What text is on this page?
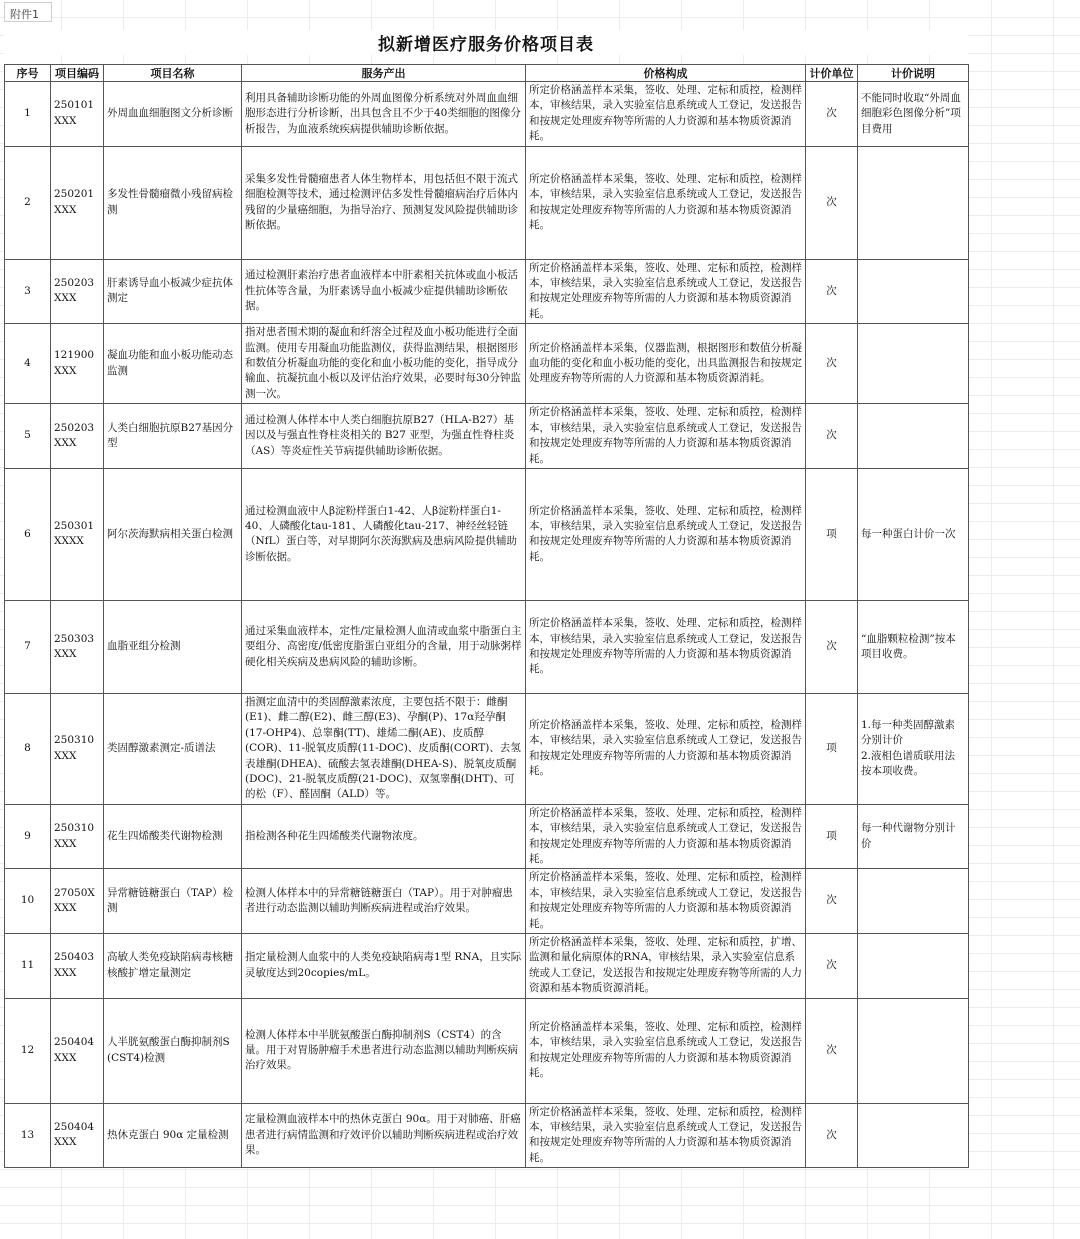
附件1
拟新增医疗服务价格项目表
序号	项目编码	项目名称	服务产出	价格构成	计价单位	计价说明
1	250101XXX	外周血血细胞图文分析诊断	利用具备辅助诊断功能的外周血图像分析系统对外周血血细胞形态进行分析诊断，出具包含且不少于40类细胞的图像分析报告，为血液系统疾病提供辅助诊断依据。	所定价格涵盖样本采集，签收、处理、定标和质控，检测样本，审核结果，录入实验室信息系统或人工登记，发送报告和按规定处理废弃物等所需的人力资源和基本物质资源消耗。	次	不能同时收取“外周血细胞彩色图像分析”项目费用
2	250201XXX	多发性骨髓瘤微小残留病检测	采集多发性骨髓瘤患者人体生物样本，用包括但不限于流式细胞检测等技术，通过检测评估多发性骨髓瘤病治疗后体内残留的少量癌细胞，为指导治疗、预测复发风险提供辅助诊断依据。	所定价格涵盖样本采集，签收、处理、定标和质控，检测样本，审核结果，录入实验室信息系统或人工登记，发送报告和按规定处理废弃物等所需的人力资源和基本物质资源消耗。	次	
3	250203XXX	肝素诱导血小板减少症抗体测定	通过检测肝素治疗患者血液样本中肝素相关抗体或血小板活性抗体等含量，为肝素诱导血小板减少症提供辅助诊断依据。	所定价格涵盖样本采集，签收、处理、定标和质控，检测样本，审核结果，录入实验室信息系统或人工登记，发送报告和按规定处理废弃物等所需的人力资源和基本物质资源消耗。	次	
4	121900XXX	凝血功能和血小板功能动态监测	指对患者围术期的凝血和纤溶全过程及血小板功能进行全面监测。使用专用凝血功能监测仪，获得监测结果，根据图形和数值分析凝血功能的变化和血小板功能的变化，指导成分输血、抗凝抗血小板以及评估治疗效果，必要时每30分钟监测一次。	所定价格涵盖样本采集，仪器监测，根据图形和数值分析凝血功能的变化和血小板功能的变化，出具监测报告和按规定处理废弃物等所需的人力资源和基本物质资源消耗。	次	
5	250203XXX	人类白细胞抗原B27基因分型	通过检测人体样本中人类白细胞抗原B27（HLA-B27）基因以及与强直性脊柱炎相关的 B27 亚型，为强直性脊柱炎（AS）等炎症性关节病提供辅助诊断依据。	所定价格涵盖样本采集，签收、处理、定标和质控，检测样本，审核结果，录入实验室信息系统或人工登记，发送报告和按规定处理废弃物等所需的人力资源和基本物质资源消耗。	次	
6	250301XXXX	阿尔茨海默病相关蛋白检测	通过检测血液中人β淀粉样蛋白1-42、人β淀粉样蛋白1-40、人磷酸化tau-181、人磷酸化tau-217、神经丝轻链（NfL）蛋白等，对早期阿尔茨海默病及患病风险提供辅助诊断依据。	所定价格涵盖样本采集，签收、处理、定标和质控，检测样本，审核结果，录入实验室信息系统或人工登记，发送报告和按规定处理废弃物等所需的人力资源和基本物质资源消耗。	项	每一种蛋白计价一次
7	250303XXX	血脂亚组分检测	通过采集血液样本，定性/定量检测人血清或血浆中脂蛋白主要组分、高密度/低密度脂蛋白亚组分的含量，用于动脉粥样硬化相关疾病及患病风险的辅助诊断。	所定价格涵盖样本采集，签收、处理、定标和质控，检测样本，审核结果，录入实验室信息系统或人工登记，发送报告和按规定处理废弃物等所需的人力资源和基本物质资源消耗。	次	“血脂颗粒检测”按本项目收费。
8	250310XXX	类固醇激素测定-质谱法	指测定血清中的类固醇激素浓度，主要包括不限于：雌酮(E1)、雌二醇(E2)、雌三醇(E3)、孕酮(P)、17α羟孕酮(17-OHP4)、总睾酮(TT)、雄烯二酮(AE)、皮质醇(COR)、11-脱氧皮质醇(11-DOC)、皮质酮(CORT)、去氢表雄酮(DHEA)、硫酸去氢表雄酮(DHEA-S)、脱氧皮质酮(DOC)、21-脱氧皮质醇(21-DOC)、双氢睾酮(DHT)、可的松（F）、醛固酮（ALD）等。	所定价格涵盖样本采集，签收、处理、定标和质控，检测样本，审核结果，录入实验室信息系统或人工登记，发送报告和按规定处理废弃物等所需的人力资源和基本物质资源消耗。	项	1.每一种类固醇激素分别计价
2.液相色谱质联用法按本项收费。
9	250310XXX	花生四烯酸类代谢物检测	指检测各种花生四烯酸类代谢物浓度。	所定价格涵盖样本采集，签收、处理、定标和质控，检测样本，审核结果，录入实验室信息系统或人工登记，发送报告和按规定处理废弃物等所需的人力资源和基本物质资源消耗。	项	每一种代谢物分别计价
10	27050XXXX	异常糖链糖蛋白（TAP）检测	检测人体样本中的异常糖链糖蛋白（TAP）。用于对肿瘤患者进行动态监测以辅助判断疾病进程或治疗效果。	所定价格涵盖样本采集，签收、处理、定标和质控，检测样本，审核结果，录入实验室信息系统或人工登记，发送报告和按规定处理废弃物等所需的人力资源和基本物质资源消耗。	次	
11	250403XXX	高敏人类免疫缺陷病毒核糖核酸扩增定量测定	指定量检测人血浆中的人类免疫缺陷病毒1型 RNA，且实际灵敏度达到20copies/mL。	所定价格涵盖样本采集，签收、处理、定标和质控，扩增、监测和量化病原体的RNA，审核结果，录入实验室信息系统或人工登记，发送报告和按规定处理废弃物等所需的人力资源和基本物质资源消耗。	次	
12	250404XXX	人半胱氨酸蛋白酶抑制剂S(CST4)检测	检测人体样本中半胱氨酸蛋白酶抑制剂S（CST4）的含量。用于对胃肠肿瘤手术患者进行动态监测以辅助判断疾病治疗效果。	所定价格涵盖样本采集，签收、处理、定标和质控，检测样本，审核结果，录入实验室信息系统或人工登记，发送报告和按规定处理废弃物等所需的人力资源和基本物质资源消耗。	次	
13	250404XXX	热休克蛋白 90α 定量检测	定量检测血液样本中的热休克蛋白 90α。用于对肺癌、肝癌患者进行病情监测和疗效评价以辅助判断疾病进程或治疗效果。	所定价格涵盖样本采集，签收、处理、定标和质控，检测样本，审核结果，录入实验室信息系统或人工登记，发送报告和按规定处理废弃物等所需的人力资源和基本物质资源消耗。	次	
